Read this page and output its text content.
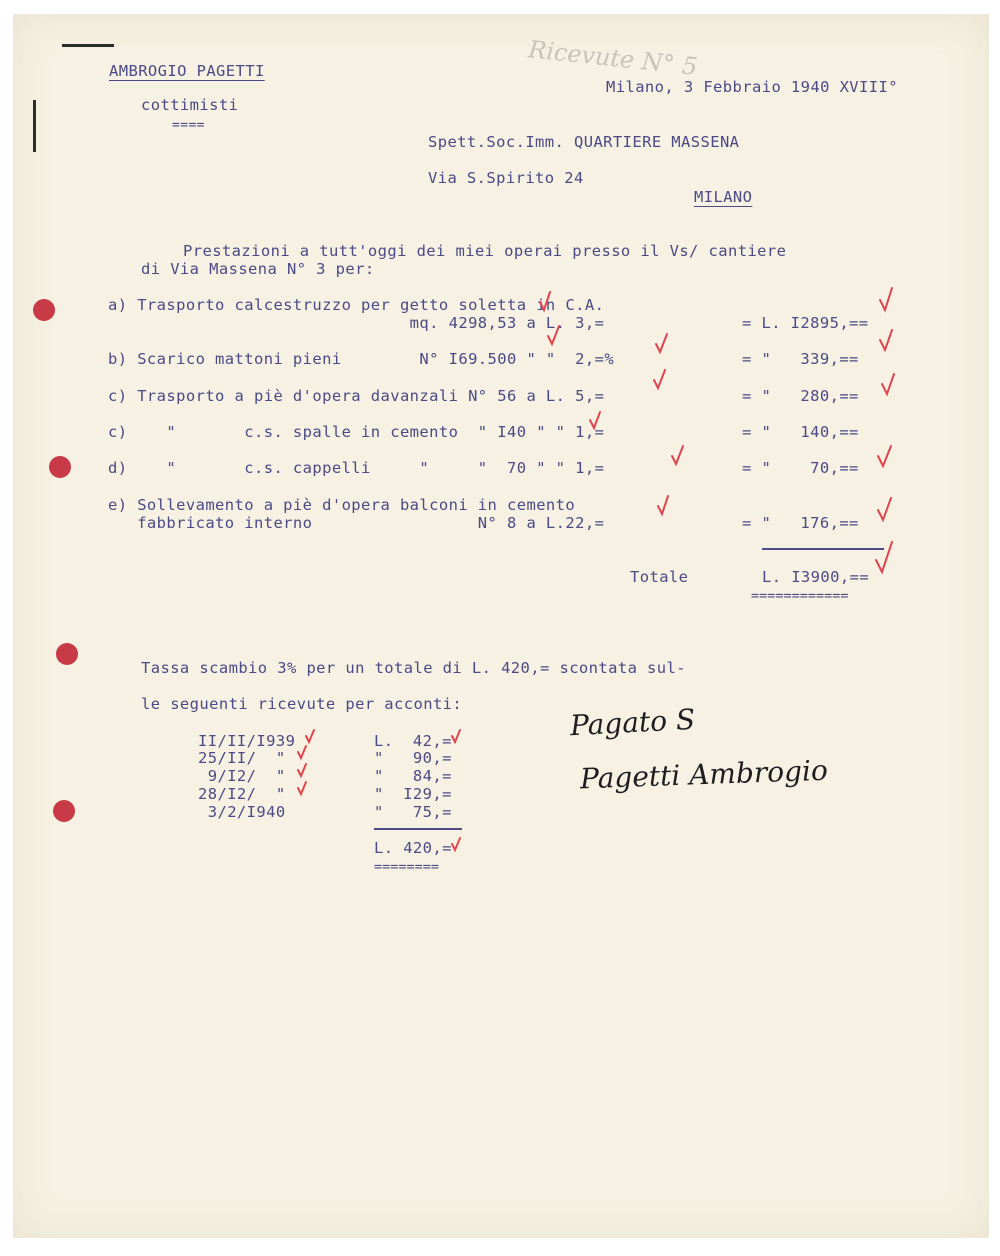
AMBROGIO PAGETTI
cottimisti
====
Milano, 3 Febbraio 1940 XVIII°
Ricevute N° 5
Spett.Soc.Imm. QUARTIERE MASSENA
Via S.Spirito 24
MILANO
Prestazioni a tutt'oggi dei miei operai presso il Vs/ cantiere
di Via Massena N° 3 per:
a) Trasporto calcestruzzo per getto soletta in C.A.
mq. 4298,53 a L. 3,=	= L. I2895,==
b) Scarico mattoni pieni        N° I69.500 " "  2,=%	= "   339,==
c) Trasporto a piè d'opera davanzali N° 56 a L. 5,=	= "   280,==
c)    "       c.s. spalle in cemento  " I40 " " 1,=	= "   140,==
d)    "       c.s. cappelli     "     "  70 " " 1,=	= "    70,==
e) Sollevamento a piè d'opera balconi in cemento
fabbricato interno                 N° 8 a L.22,=	= "   176,==
Totale	L. I3900,==
============
Tassa scambio 3% per un totale di L. 420,= scontata sul-
le seguenti ricevute per acconti:
II/II/I939	L.  42,=
25/II/  "	"   90,=
9/I2/  "	"   84,=
28/I2/  "	"  I29,=
3/2/I940	"   75,=
L. 420,=
========
Pagato S
Pagetti Ambrogio
